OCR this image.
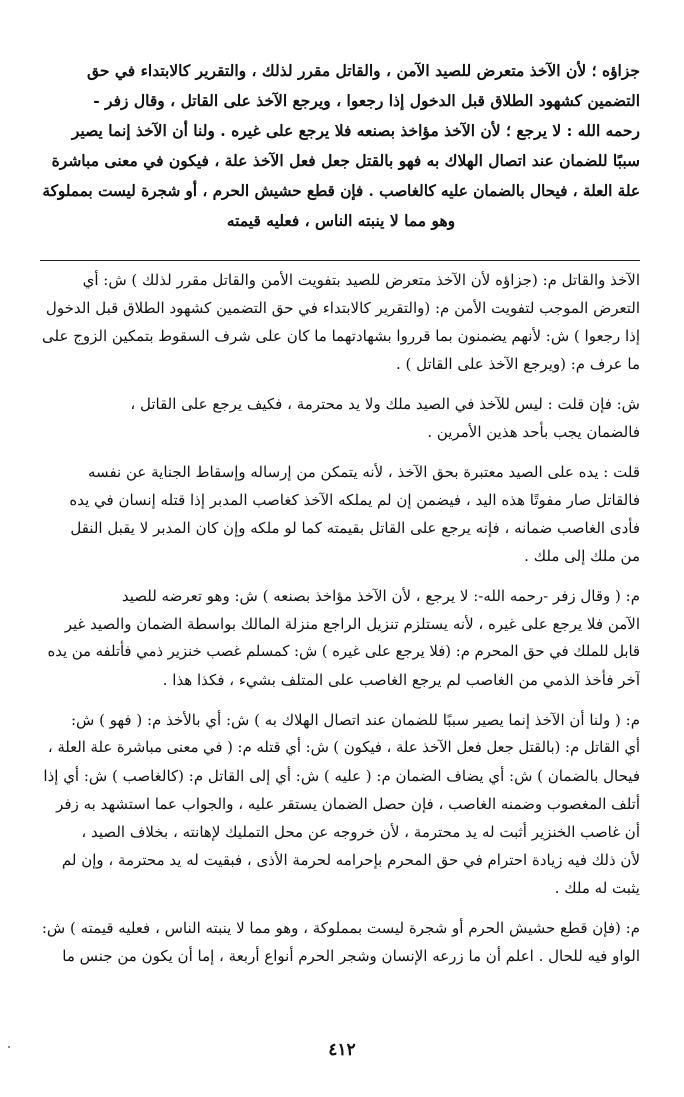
جزاؤه ؛ لأن الآخذ متعرض للصيد الآمن ، والقاتل مقرر لذلك ، والتقرير كالابتداء في حق
التضمين كشهود الطلاق قبل الدخول إذا رجعوا ، ويرجع الآخذ على القاتل ، وقال زفر -
رحمه الله : لا يرجع ؛ لأن الآخذ مؤاخذ بصنعه فلا يرجع على غيره . ولنا أن الآخذ إنما يصير
سببًا للضمان عند اتصال الهلاك به فهو بالقتل جعل فعل الآخذ علة ، فيكون في معنى مباشرة
علة العلة ، فيحال بالضمان عليه كالغاصب . فإن قطع حشيش الحرم ، أو شجرة ليست بمملوكة
وهو مما لا ينبته الناس ، فعليه قيمته
الآخذ والقاتل م: (جزاؤه لأن الآخذ متعرض للصيد بتفويت الأمن والقاتل مقرر لذلك ) ش: أي
التعرض الموجب لتفويت الأمن م: (والتقرير كالابتداء في حق التضمين كشهود الطلاق قبل الدخول
إذا رجعوا ) ش: لأنهم يضمنون بما قرروا بشهادتهما ما كان على شرف السقوط بتمكين الزوج على
ما عرف م: (ويرجع الآخذ على القاتل ) .
ش: فإن قلت : ليس للآخذ في الصيد ملك ولا يد محترمة ، فكيف يرجع على القاتل ،
فالضمان يجب بأحد هذين الأمرين .
قلت : يده على الصيد معتبرة بحق الآخذ ، لأنه يتمكن من إرساله وإسقاط الجناية عن نفسه
فالقاتل صار مفوتًا هذه اليد ، فيضمن إن لم يملكه الآخذ كغاصب المدبر إذا قتله إنسان في يده
فأدى الغاصب ضمانه ، فإنه يرجع على القاتل بقيمته كما لو ملكه وإن كان المدبر لا يقبل النقل
من ملك إلى ملك .
م: ( وقال زفر -رحمه الله-: لا يرجع ، لأن الآخذ مؤاخذ بصنعه ) ش: وهو تعرضه للصيد
الآمن فلا يرجع على غيره ، لأنه يستلزم تنزيل الراجع منزلة المالك بواسطة الضمان والصيد غير
قابل للملك في حق المحرم م: (فلا يرجع على غيره ) ش: كمسلم غصب خنزير ذمي فأتلفه من يده
آخر فأخذ الذمي من الغاصب لم يرجع الغاصب على المتلف بشيء ، فكذا هذا .
م: ( ولنا أن الآخذ إنما يصير سببًا للضمان عند اتصال الهلاك به ) ش: أي بالأخذ م: ( فهو ) ش:
أي القاتل م: (بالقتل جعل فعل الآخذ علة ، فيكون ) ش: أي قتله م: ( في معنى مباشرة علة العلة ،
فيحال بالضمان ) ش: أي يضاف الضمان م: ( عليه ) ش: أي إلى القاتل م: (كالغاصب ) ش: أي إذا
أتلف المغصوب وضمنه الغاصب ، فإن حصل الضمان يستقر عليه ، والجواب عما استشهد به زفر
أن غاصب الخنزير أثبت له يد محترمة ، لأن خروجه عن محل التمليك لإهانته ، بخلاف الصيد ،
لأن ذلك فيه زيادة احترام في حق المحرم بإحرامه لحرمة الأذى ، فبقيت له يد محترمة ، وإن لم
يثبت له ملك .
م: (فإن قطع حشيش الحرم أو شجرة ليست بمملوكة ، وهو مما لا ينبته الناس ، فعليه قيمته ) ش:
الواو فيه للحال . اعلم أن ما زرعه الإنسان وشجر الحرم أنواع أربعة ، إما أن يكون من جنس ما
٤١٢
